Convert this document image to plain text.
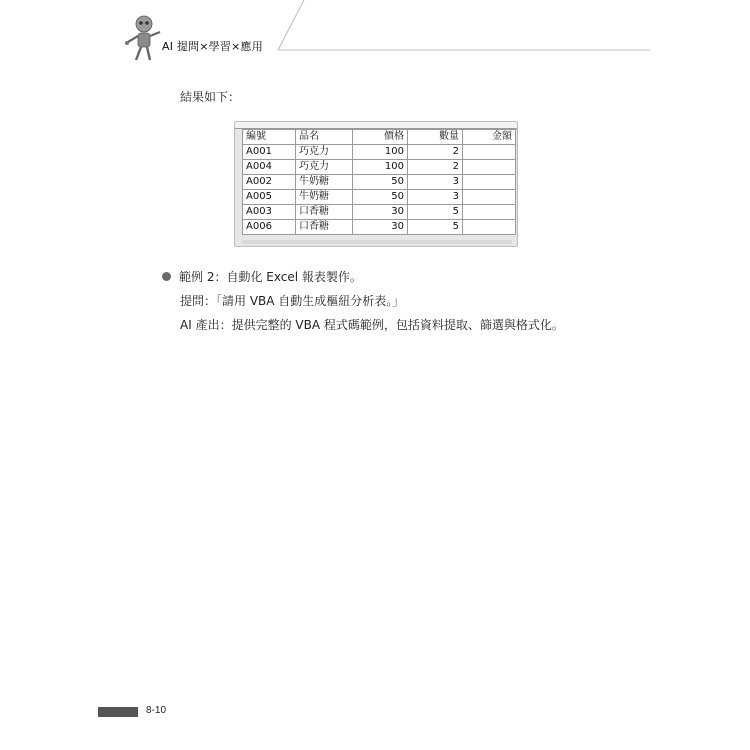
AI 提問×學習×應用
結果如下：
編號	品名	價格	數量	金額
A001	巧克力	100	2	
A004	巧克力	100	2	
A002	牛奶糖	50	3	
A005	牛奶糖	50	3	
A003	口香糖	30	5	
A006	口香糖	30	5	
範例 2：自動化 Excel 報表製作。
提問：「請用 VBA 自動生成樞紐分析表。」
AI 產出：提供完整的 VBA 程式碼範例，包括資料提取、篩選與格式化。
8-10
